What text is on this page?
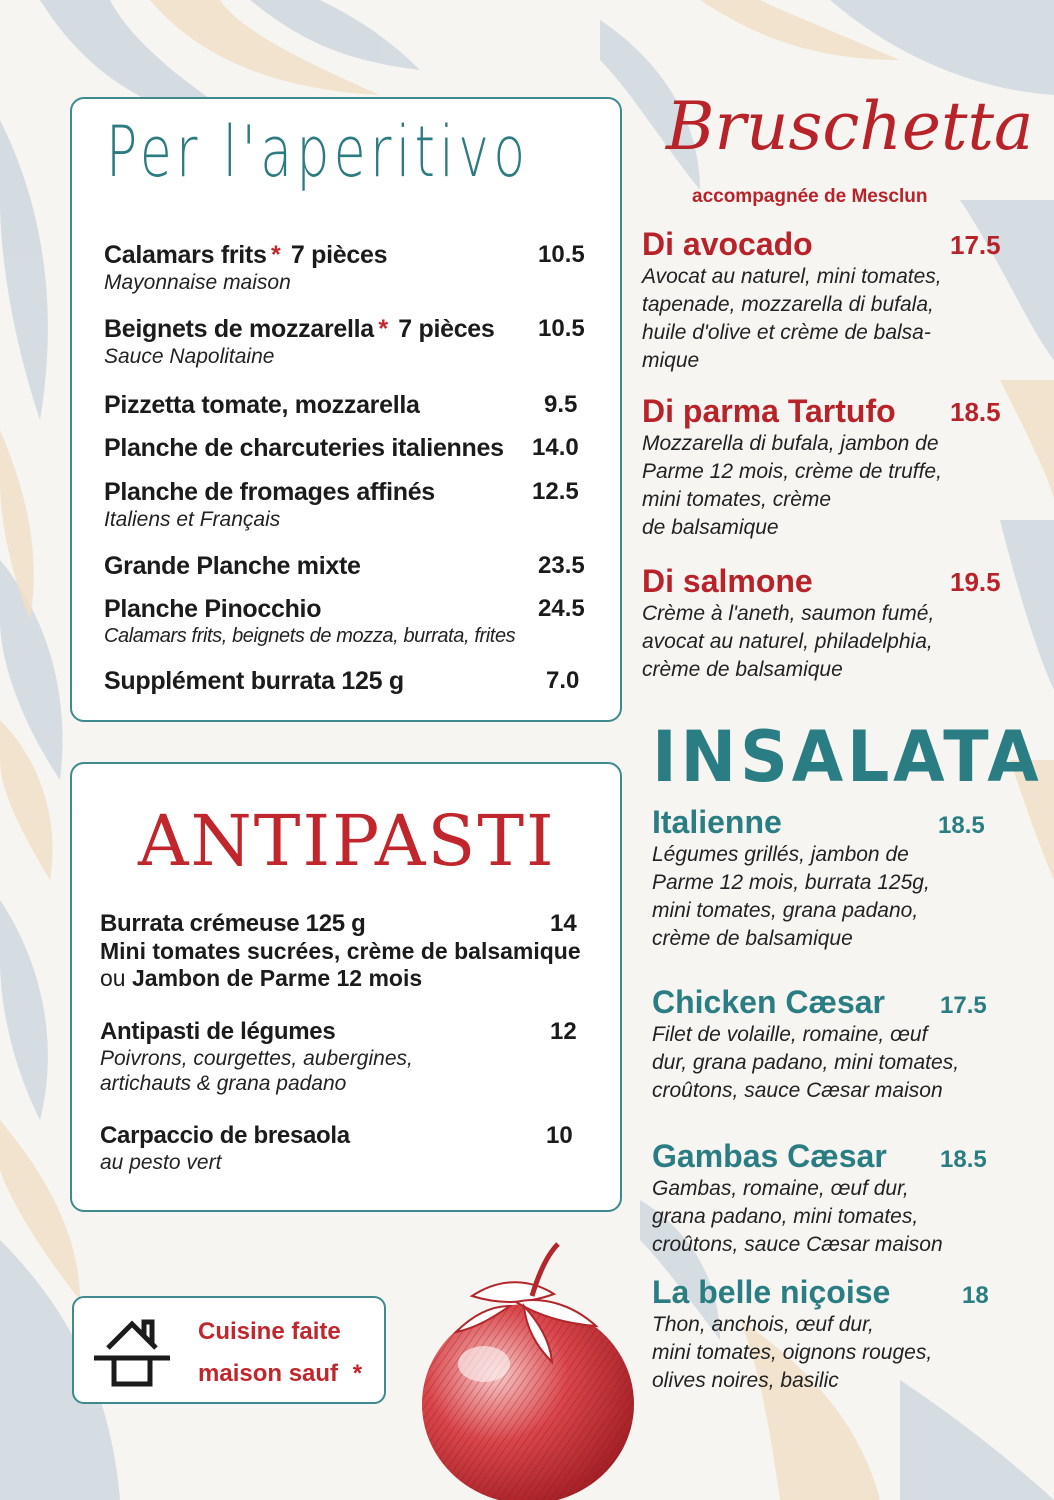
Per l'aperitivo
Calamars frits * 7 pièces	10.5
Mayonnaise maison
Beignets de mozzarella * 7 pièces 10.5
Sauce Napolitaine
Pizzetta tomate, mozzarella	9.5
Planche de charcuteries italiennes 14.0
Planche de fromages affinés	12.5
Italiens et Français
Grande Planche mixte	23.5
Planche Pinocchio	24.5
Calamars frits, beignets de mozza, burrata, frites
Supplément burrata 125 g	7.0
ANTIPASTI
Burrata crémeuse 125 g	14
Mini tomates sucrées, crème de balsamique
ou Jambon de Parme 12 mois
Antipasti de légumes	12
Poivrons, courgettes, aubergines,
artichauts & grana padano
Carpaccio de bresaola	10
au pesto vert
Cuisine faite
maison sauf *
Bruschetta
accompagnée de Mesclun
Di avocado	17.5
Avocat au naturel, mini tomates,
tapenade, mozzarella di bufala,
huile d'olive et crème de balsa-
mique
Di parma Tartufo 18.5
Mozzarella di bufala, jambon de
Parme 12 mois, crème de truffe,
mini tomates, crème
de balsamique
Di salmone	19.5
Crème à l'aneth, saumon fumé,
avocat au naturel, philadelphia,
crème de balsamique
INSALATA
Italienne	18.5
Légumes grillés, jambon de
Parme 12 mois, burrata 125g,
mini tomates, grana padano,
crème de balsamique
Chicken Cæsar 17.5
Filet de volaille, romaine, œuf
dur, grana padano, mini tomates,
croûtons, sauce Cæsar maison
Gambas Cæsar 18.5
Gambas, romaine, œuf dur,
grana padano, mini tomates,
croûtons, sauce Cæsar maison
La belle niçoise	18
Thon, anchois, œuf dur,
mini tomates, oignons rouges,
olives noires, basilic
